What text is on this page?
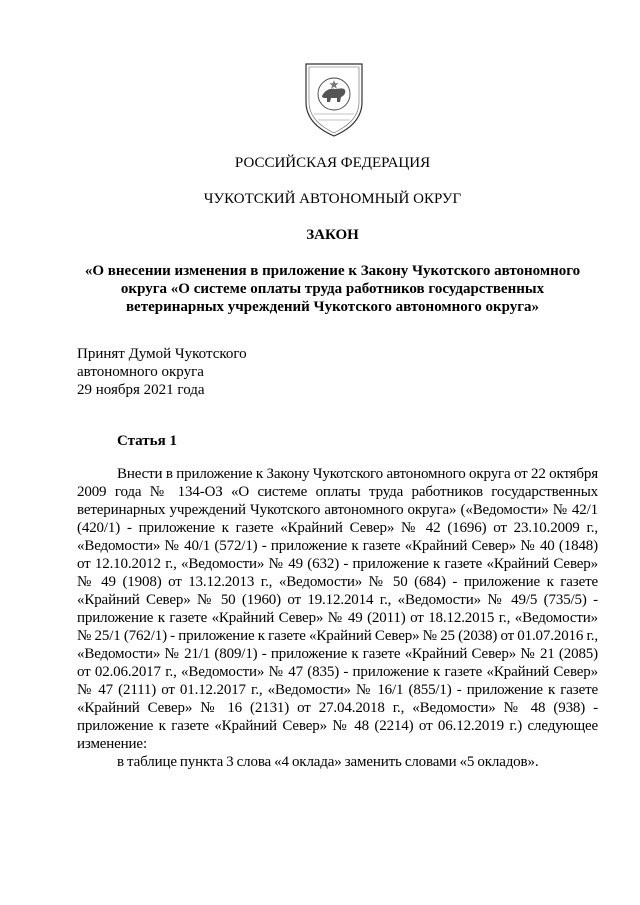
РОССИЙСКАЯ ФЕДЕРАЦИЯ
ЧУКОТСКИЙ АВТОНОМНЫЙ ОКРУГ
ЗАКОН
«О внесении изменения в приложение к Закону Чукотского автономного
округа «О системе оплаты труда работников государственных
ветеринарных учреждений Чукотского автономного округа»
Принят Думой Чукотского
автономного округа
29 ноября 2021 года
Статья 1

Внести в приложение к Закону Чукотского автономного округа от 22 октября 2009 года № 134-ОЗ «О системе оплаты труда работников государственных ветеринарных учреждений Чукотского автономного округа» («Ведомости» № 42/1 (420/1) - приложение к газете «Крайний Север» № 42 (1696) от 23.10.2009 г., «Ведомости» № 40/1 (572/1) - приложение к газете «Крайний Север» № 40 (1848) от 12.10.2012 г., «Ведомости» № 49 (632) - приложение к газете «Крайний Север» № 49 (1908) от 13.12.2013 г., «Ведомости» № 50 (684) - приложение к газете «Крайний Север» № 50 (1960) от 19.12.2014 г., «Ведомости» № 49/5 (735/5) - приложение к газете «Крайний Север» № 49 (2011) от 18.12.2015 г., «Ведомости» № 25/1 (762/1) - приложение к газете «Крайний Север» № 25 (2038) от 01.07.2016 г., «Ведомости» № 21/1 (809/1) - приложение к газете «Крайний Север» № 21 (2085) от 02.06.2017 г., «Ведомости» № 47 (835) - приложение к газете «Крайний Север» № 47 (2111) от 01.12.2017 г., «Ведомости» № 16/1 (855/1) - приложение к газете «Крайний Север» № 16 (2131) от 27.04.2018 г., «Ведомости» № 48 (938) - приложение к газете «Крайний Север» № 48 (2214) от 06.12.2019 г.) следующее изменение:

в таблице пункта 3 слова «4 оклада» заменить словами «5 окладов».
